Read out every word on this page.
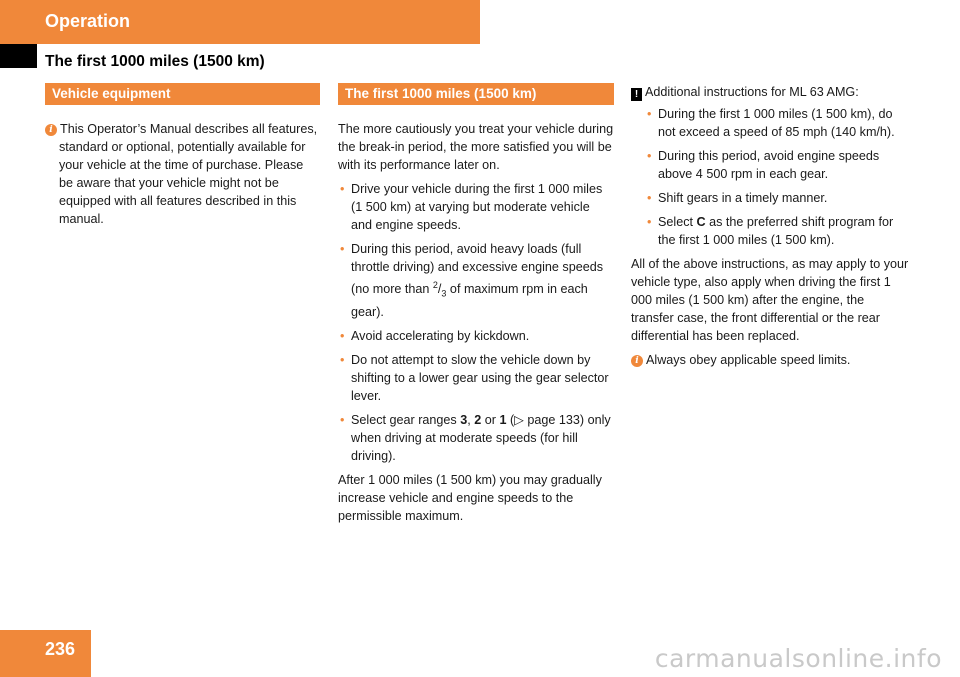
Operation
The first 1000 miles (1500 km)
Vehicle equipment

i This Operator’s Manual describes all features, standard or optional, potentially available for your vehicle at the time of purchase. Please be aware that your vehicle might not be equipped with all features described in this manual.

The first 1000 miles (1500 km)

The more cautiously you treat your vehicle during the break-in period, the more satisfied you will be with its performance later on.

• Drive your vehicle during the first 1 000 miles (1 500 km) at varying but moderate vehicle and engine speeds.
• During this period, avoid heavy loads (full throttle driving) and excessive engine speeds (no more than $^2/_3$ of maximum rpm in each gear).
• Avoid accelerating by kickdown.
• Do not attempt to slow the vehicle down by shifting to a lower gear using the gear selector lever.
• Select gear ranges 3, 2 or 1 (▷ page 133) only when driving at moderate speeds (for hill driving).

After 1 000 miles (1 500 km) you may gradually increase vehicle and engine speeds to the permissible maximum.

! Additional instructions for ML 63 AMG:

• During the first 1 000 miles (1 500 km), do not exceed a speed of 85 mph (140 km/h).
• During this period, avoid engine speeds above 4 500 rpm in each gear.
• Shift gears in a timely manner.
• Select C as the preferred shift program for the first 1 000 miles (1 500 km).

All of the above instructions, as may apply to your vehicle type, also apply when driving the first 1 000 miles (1 500 km) after the engine, the transfer case, the front differential or the rear differential has been replaced.

i Always obey applicable speed limits.

236	carmanualsonline.info
